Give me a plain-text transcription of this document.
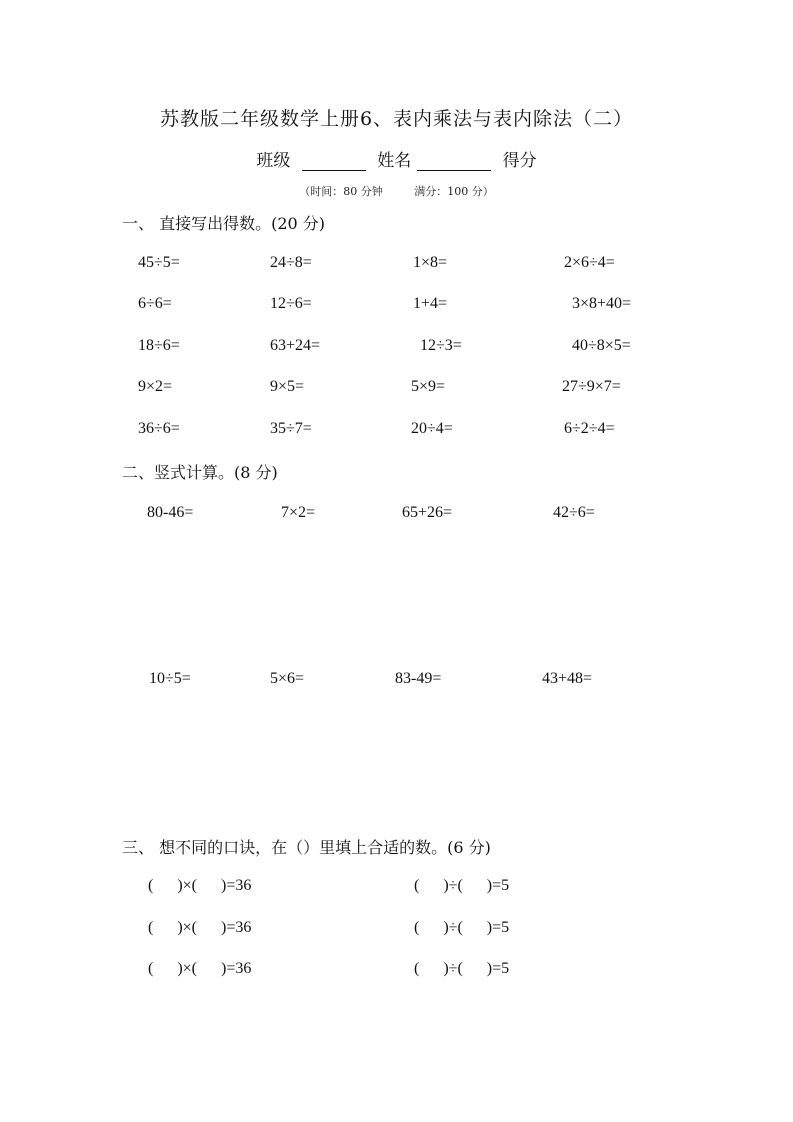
苏教版二年级数学上册6、表内乘法与表内除法（二）
班级	姓名	得分
（时间：80 分钟	满分：100 分）
一、 直接写出得数。(20 分)
45÷5=	24÷8=	1×8=	2×6÷4=
6÷6=	12÷6=	1+4=	3×8+40=
18÷6=	63+24=	12÷3=	40÷8×5=
9×2=	9×5=	5×9=	27÷9×7=
36÷6=	35÷7=	20÷4=	6÷2÷4=
二、竖式计算。(8 分)
80-46=	7×2=	65+26=	42÷6=
10÷5=	5×6=	83-49=	43+48=
三、 想不同的口诀，在（）里填上合适的数。(6 分)
(      )×(      )=36	(      )÷(      )=5
(      )×(      )=36	(      )÷(      )=5
(      )×(      )=36	(      )÷(      )=5
